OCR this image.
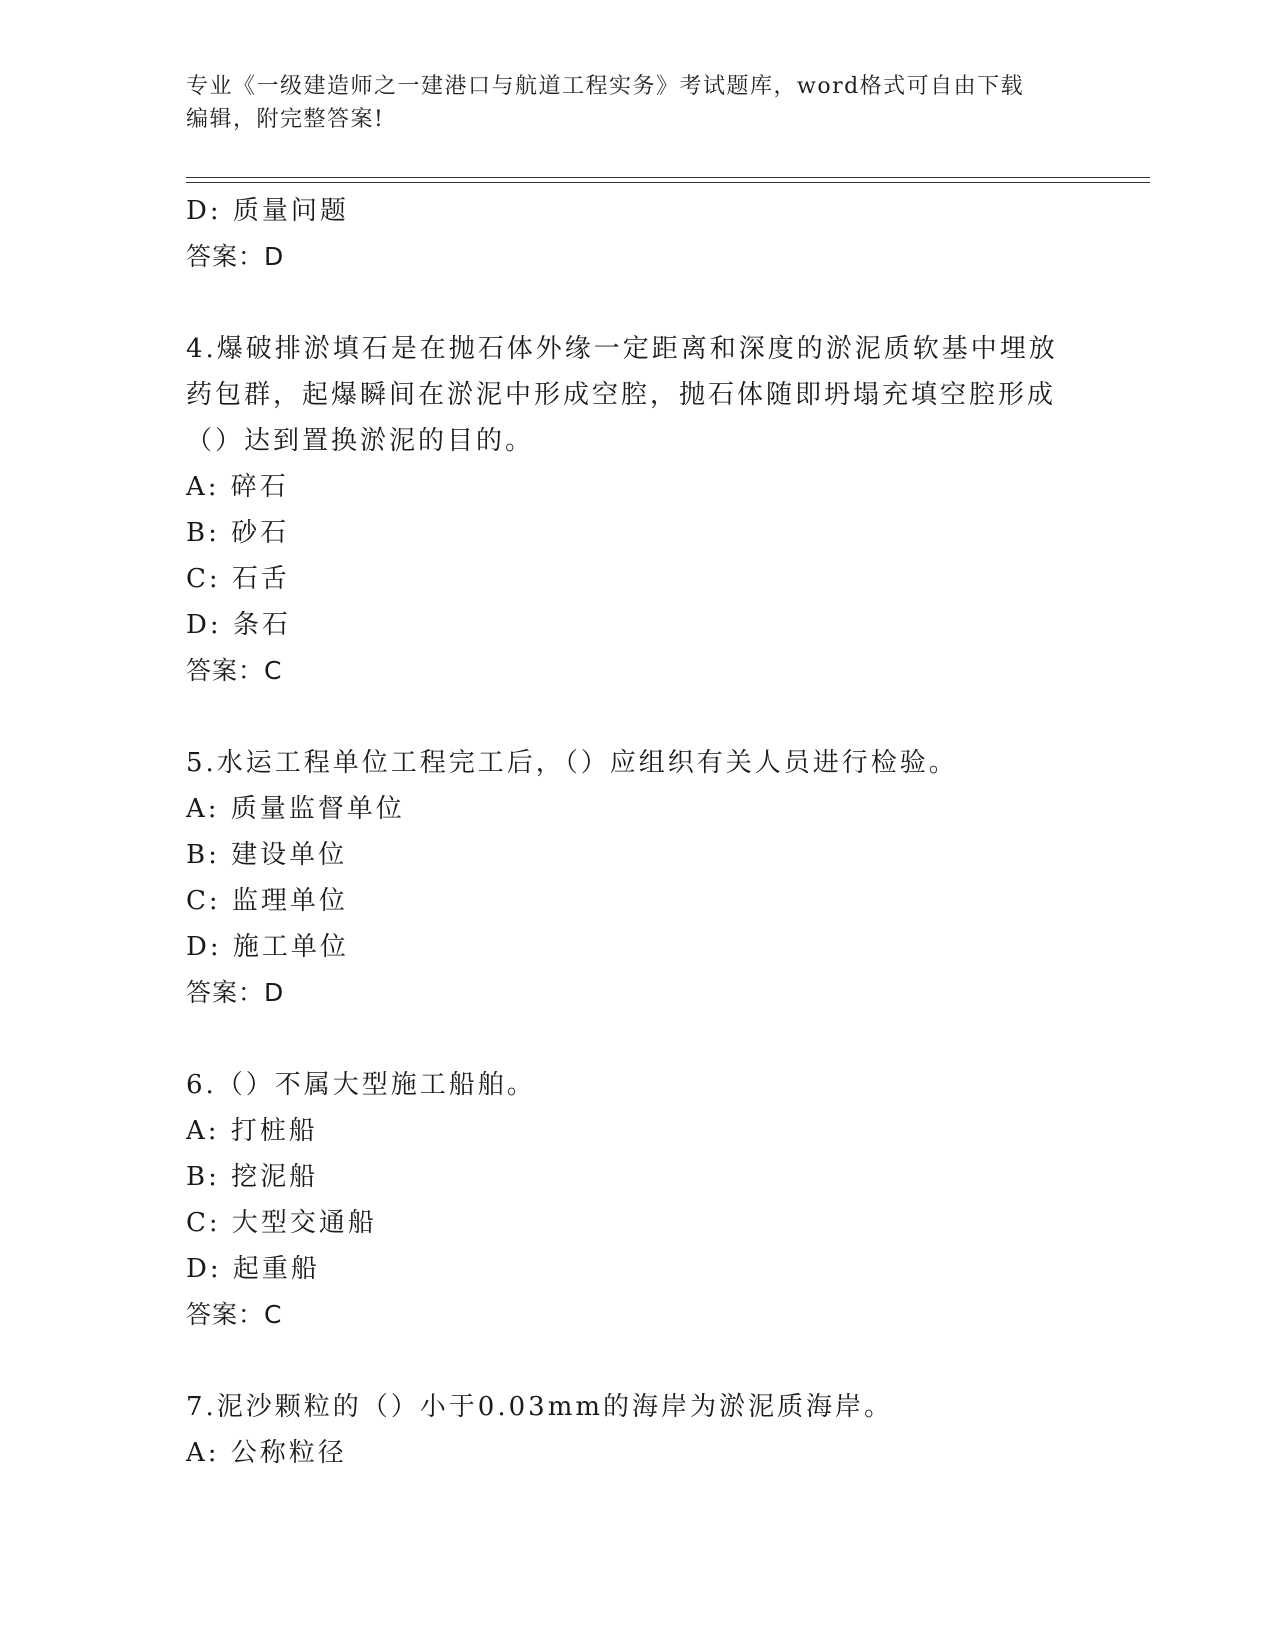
专业《一级建造师之一建港口与航道工程实务》考试题库，word格式可自由下载
编辑，附完整答案!
D: 质量问题
答案：D
4.爆破排淤填石是在抛石体外缘一定距离和深度的淤泥质软基中埋放
药包群，起爆瞬间在淤泥中形成空腔，抛石体随即坍塌充填空腔形成
（）达到置换淤泥的目的。
A: 碎石
B: 砂石
C: 石舌
D: 条石
答案：C
5.水运工程单位工程完工后，（）应组织有关人员进行检验。
A: 质量监督单位
B: 建设单位
C: 监理单位
D: 施工单位
答案：D
6.（）不属大型施工船舶。
A: 打桩船
B: 挖泥船
C: 大型交通船
D: 起重船
答案：C
7.泥沙颗粒的（）小于0.03mm的海岸为淤泥质海岸。
A: 公称粒径
